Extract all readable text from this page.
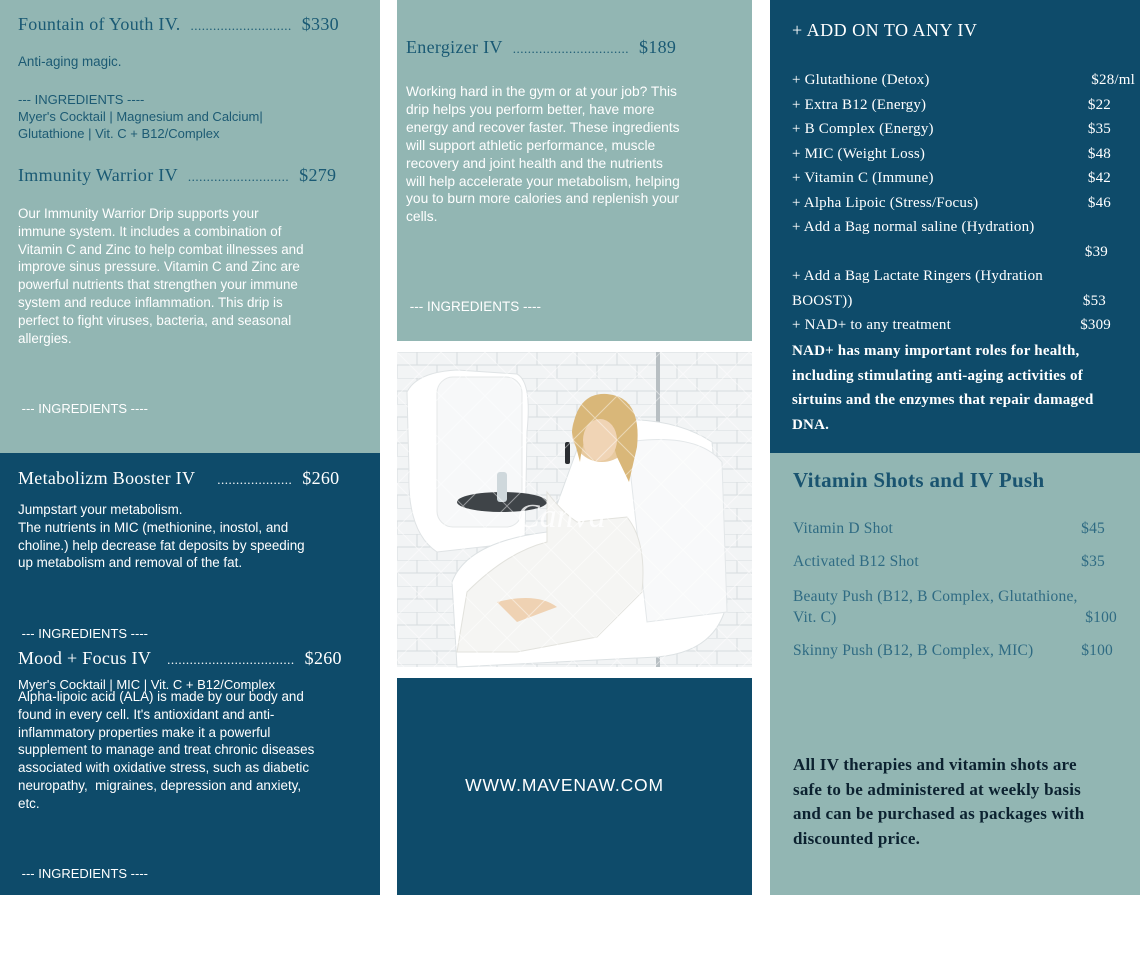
Fountain of Youth IV. ........................... $330
Anti-aging magic.
--- INGREDIENTS ----
Myer's Cocktail | Magnesium and Calcium|
Glutathione | Vit. C + B12/Complex
Immunity Warrior IV ........................... $279
Our Immunity Warrior Drip supports your
immune system. It includes a combination of
Vitamin C and Zinc to help combat illnesses and
improve sinus pressure. Vitamin C and Zinc are
powerful nutrients that strengthen your immune
system and reduce inflammation. This drip is
perfect to fight viruses, bacteria, and seasonal
allergies.

--- INGREDIENTS ----

Metabolizm Booster IV .................... $260
Jumpstart your metabolism.
The nutrients in MIC (methionine, inostol, and
choline.) help decrease fat deposits by speeding
up metabolism and removal of the fat.

--- INGREDIENTS ----

Myer's Cocktail | MIC | Vit. C + B12/Complex

Mood + Focus IV .................................. $260
Alpha-lipoic acid (ALA) is made by our body and
found in every cell. It's antioxidant and anti-
inflammatory properties make it a powerful
supplement to manage and treat chronic diseases
associated with oxidative stress, such as diabetic
neuropathy,  migraines, depression and anxiety,
etc.

--- INGREDIENTS ----

Myer's Cocktail | A - Lipoic Acid

Energizer IV ............................... $189
Working hard in the gym or at your job? This
drip helps you perform better, have more
energy and recover faster. These ingredients
will support athletic performance, muscle
recovery and joint health and the nutrients
will help accelerate your metabolism, helping
you to burn more calories and replenish your
cells.

--- INGREDIENTS ----

Canva
WWW.MAVENAW.COM
+ ADD ON TO ANY IV
+ Glutathione (Detox)	$28/ml
+ Extra B12 (Energy)	$22
+ B Complex (Energy)	$35
+ MIC (Weight Loss)	$48
+ Vitamin C (Immune)	$42
+ Alpha Lipoic (Stress/Focus)	$46
+ Add a Bag normal saline (Hydration)
$39
+ Add a Bag Lactate Ringers (Hydration
BOOST))	$53
+ NAD+ to any treatment	$309
NAD+ has many important roles for health,
including stimulating anti-aging activities of
sirtuins and the enzymes that repair damaged
DNA.
Vitamin Shots and IV Push
Vitamin D Shot	$45
Activated B12 Shot	$35
Beauty Push (B12, B Complex, Glutathione,
Vit. C)	$100
Skinny Push (B12, B Complex, MIC)	$100
All IV therapies and vitamin shots are
safe to be administered at weekly basis
and can be purchased as packages with
discounted price.
